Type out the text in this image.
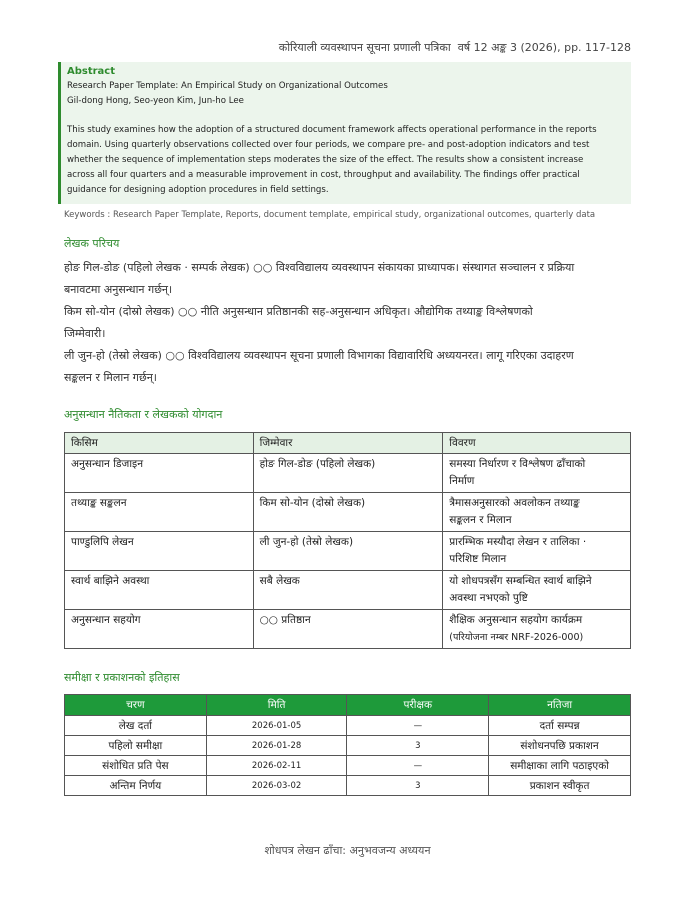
कोरियाली व्यवस्थापन सूचना प्रणाली पत्रिका वर्ष 12 अङ्क 3 (2026), pp. 117-128
Abstract
Research Paper Template: An Empirical Study on Organizational Outcomes
Gil-dong Hong, Seo-yeon Kim, Jun-ho Lee
This study examines how the adoption of a structured document framework affects operational performance in the reports
domain. Using quarterly observations collected over four periods, we compare pre- and post-adoption indicators and test
whether the sequence of implementation steps moderates the size of the effect. The results show a consistent increase
across all four quarters and a measurable improvement in cost, throughput and availability. The findings offer practical
guidance for designing adoption procedures in field settings.
Keywords : Research Paper Template, Reports, document template, empirical study, organizational outcomes, quarterly data
लेखक परिचय

होङ गिल-डोङ (पहिलो लेखक · सम्पर्क लेखक) ○○ विश्वविद्यालय व्यवस्थापन संकायका प्राध्यापक। संस्थागत सञ्चालन र प्रक्रिया

बनावटमा अनुसन्धान गर्छन्।

किम सो-योन (दोस्रो लेखक) ○○ नीति अनुसन्धान प्रतिष्ठानकी सह-अनुसन्धान अधिकृत। औद्योगिक तथ्याङ्क विश्लेषणको

जिम्मेवारी।

ली जुन-हो (तेस्रो लेखक) ○○ विश्वविद्यालय व्यवस्थापन सूचना प्रणाली विभागका विद्यावारिधि अध्ययनरत। लागू गरिएका उदाहरण

सङ्कलन र मिलान गर्छन्।

अनुसन्धान नैतिकता र लेखकको योगदान
किसिम	जिम्मेवार	विवरण
अनुसन्धान डिजाइन	होङ गिल-डोङ (पहिलो लेखक)	समस्या निर्धारण र विश्लेषण ढाँचाको
निर्माण

तथ्याङ्क सङ्कलन	किम सो-योन (दोस्रो लेखक)	त्रैमासअनुसारको अवलोकन तथ्याङ्क
सङ्कलन र मिलान

पाण्डुलिपि लेखन	ली जुन-हो (तेस्रो लेखक)	प्रारम्भिक मस्यौदा लेखन र तालिका ·
परिशिष्ट मिलान

स्वार्थ बाझिने अवस्था	सबै लेखक	यो शोधपत्रसँग सम्बन्धित स्वार्थ बाझिने
अवस्था नभएको पुष्टि

अनुसन्धान सहयोग	○○ प्रतिष्ठान	शैक्षिक अनुसन्धान सहयोग कार्यक्रम
(परियोजना नम्बर NRF-2026-000)
समीक्षा र प्रकाशनको इतिहास
चरण	मिति	परीक्षक	नतिजा
लेख दर्ता	2026-01-05	—	दर्ता सम्पन्न
पहिलो समीक्षा	2026-01-28	3	संशोधनपछि प्रकाशन
संशोधित प्रति पेस	2026-02-11	—	समीक्षाका लागि पठाइएको
अन्तिम निर्णय	2026-03-02	3	प्रकाशन स्वीकृत
शोधपत्र लेखन ढाँचा: अनुभवजन्य अध्ययन
